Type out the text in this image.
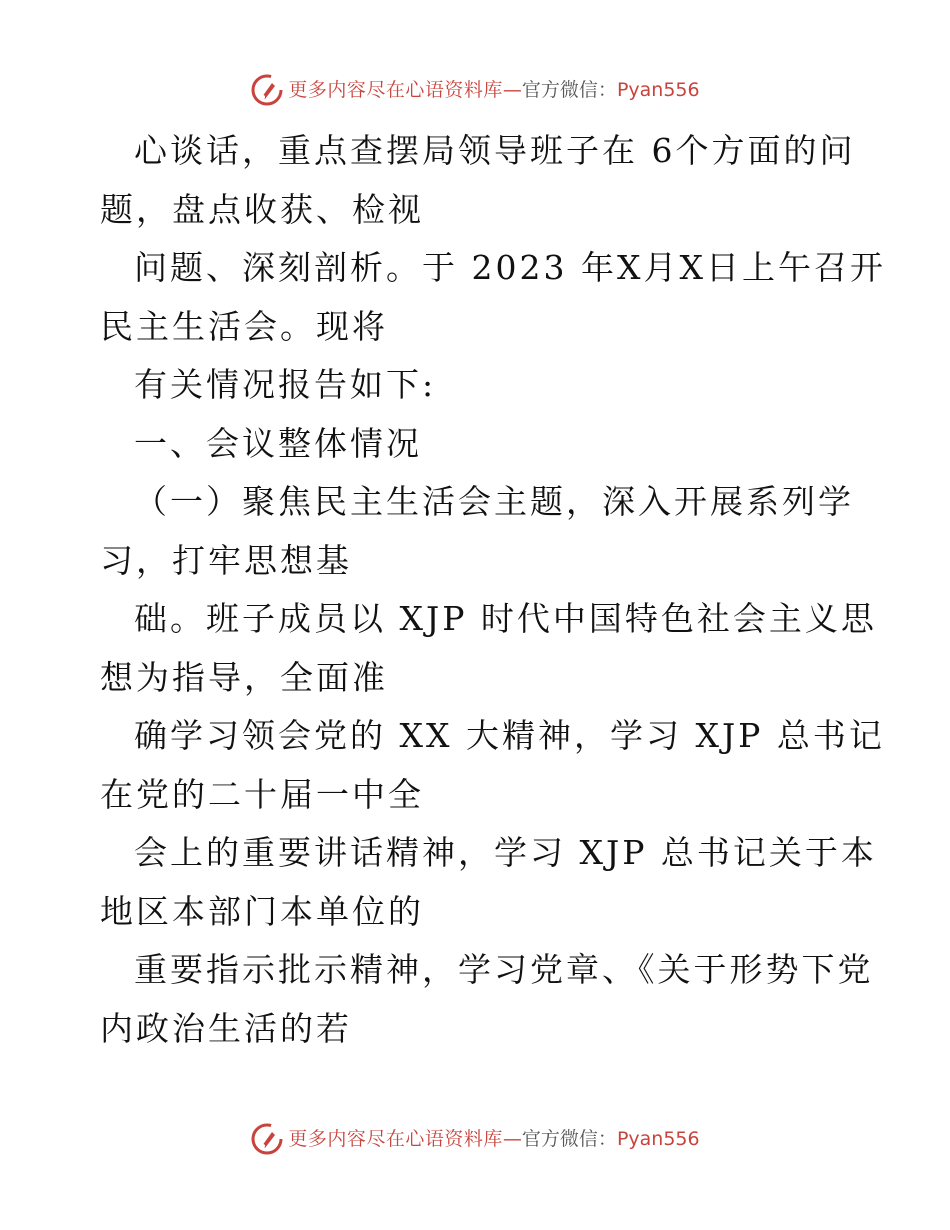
更多内容尽在心语资料库 — 官方微信： Pyan556
心谈话，重点查摆局领导班子在 6个方面的问
题，盘点收获、检视
问题、深刻剖析。于 2023 年X月X日上午召开
民主生活会。现将
有关情况报告如下:
一、会议整体情况
（一）聚焦民主生活会主题，深入开展系列学
习，打牢思想基
础。班子成员以 XJP 时代中国特色社会主义思
想为指导，全面准
确学习领会党的 XX 大精神，学习 XJP 总书记
在党的二十届一中全
会上的重要讲话精神，学习 XJP 总书记关于本
地区本部门本单位的
重要指示批示精神，学习党章、《关于形势下党
内政治生活的若
更多内容尽在心语资料库 — 官方微信： Pyan556
